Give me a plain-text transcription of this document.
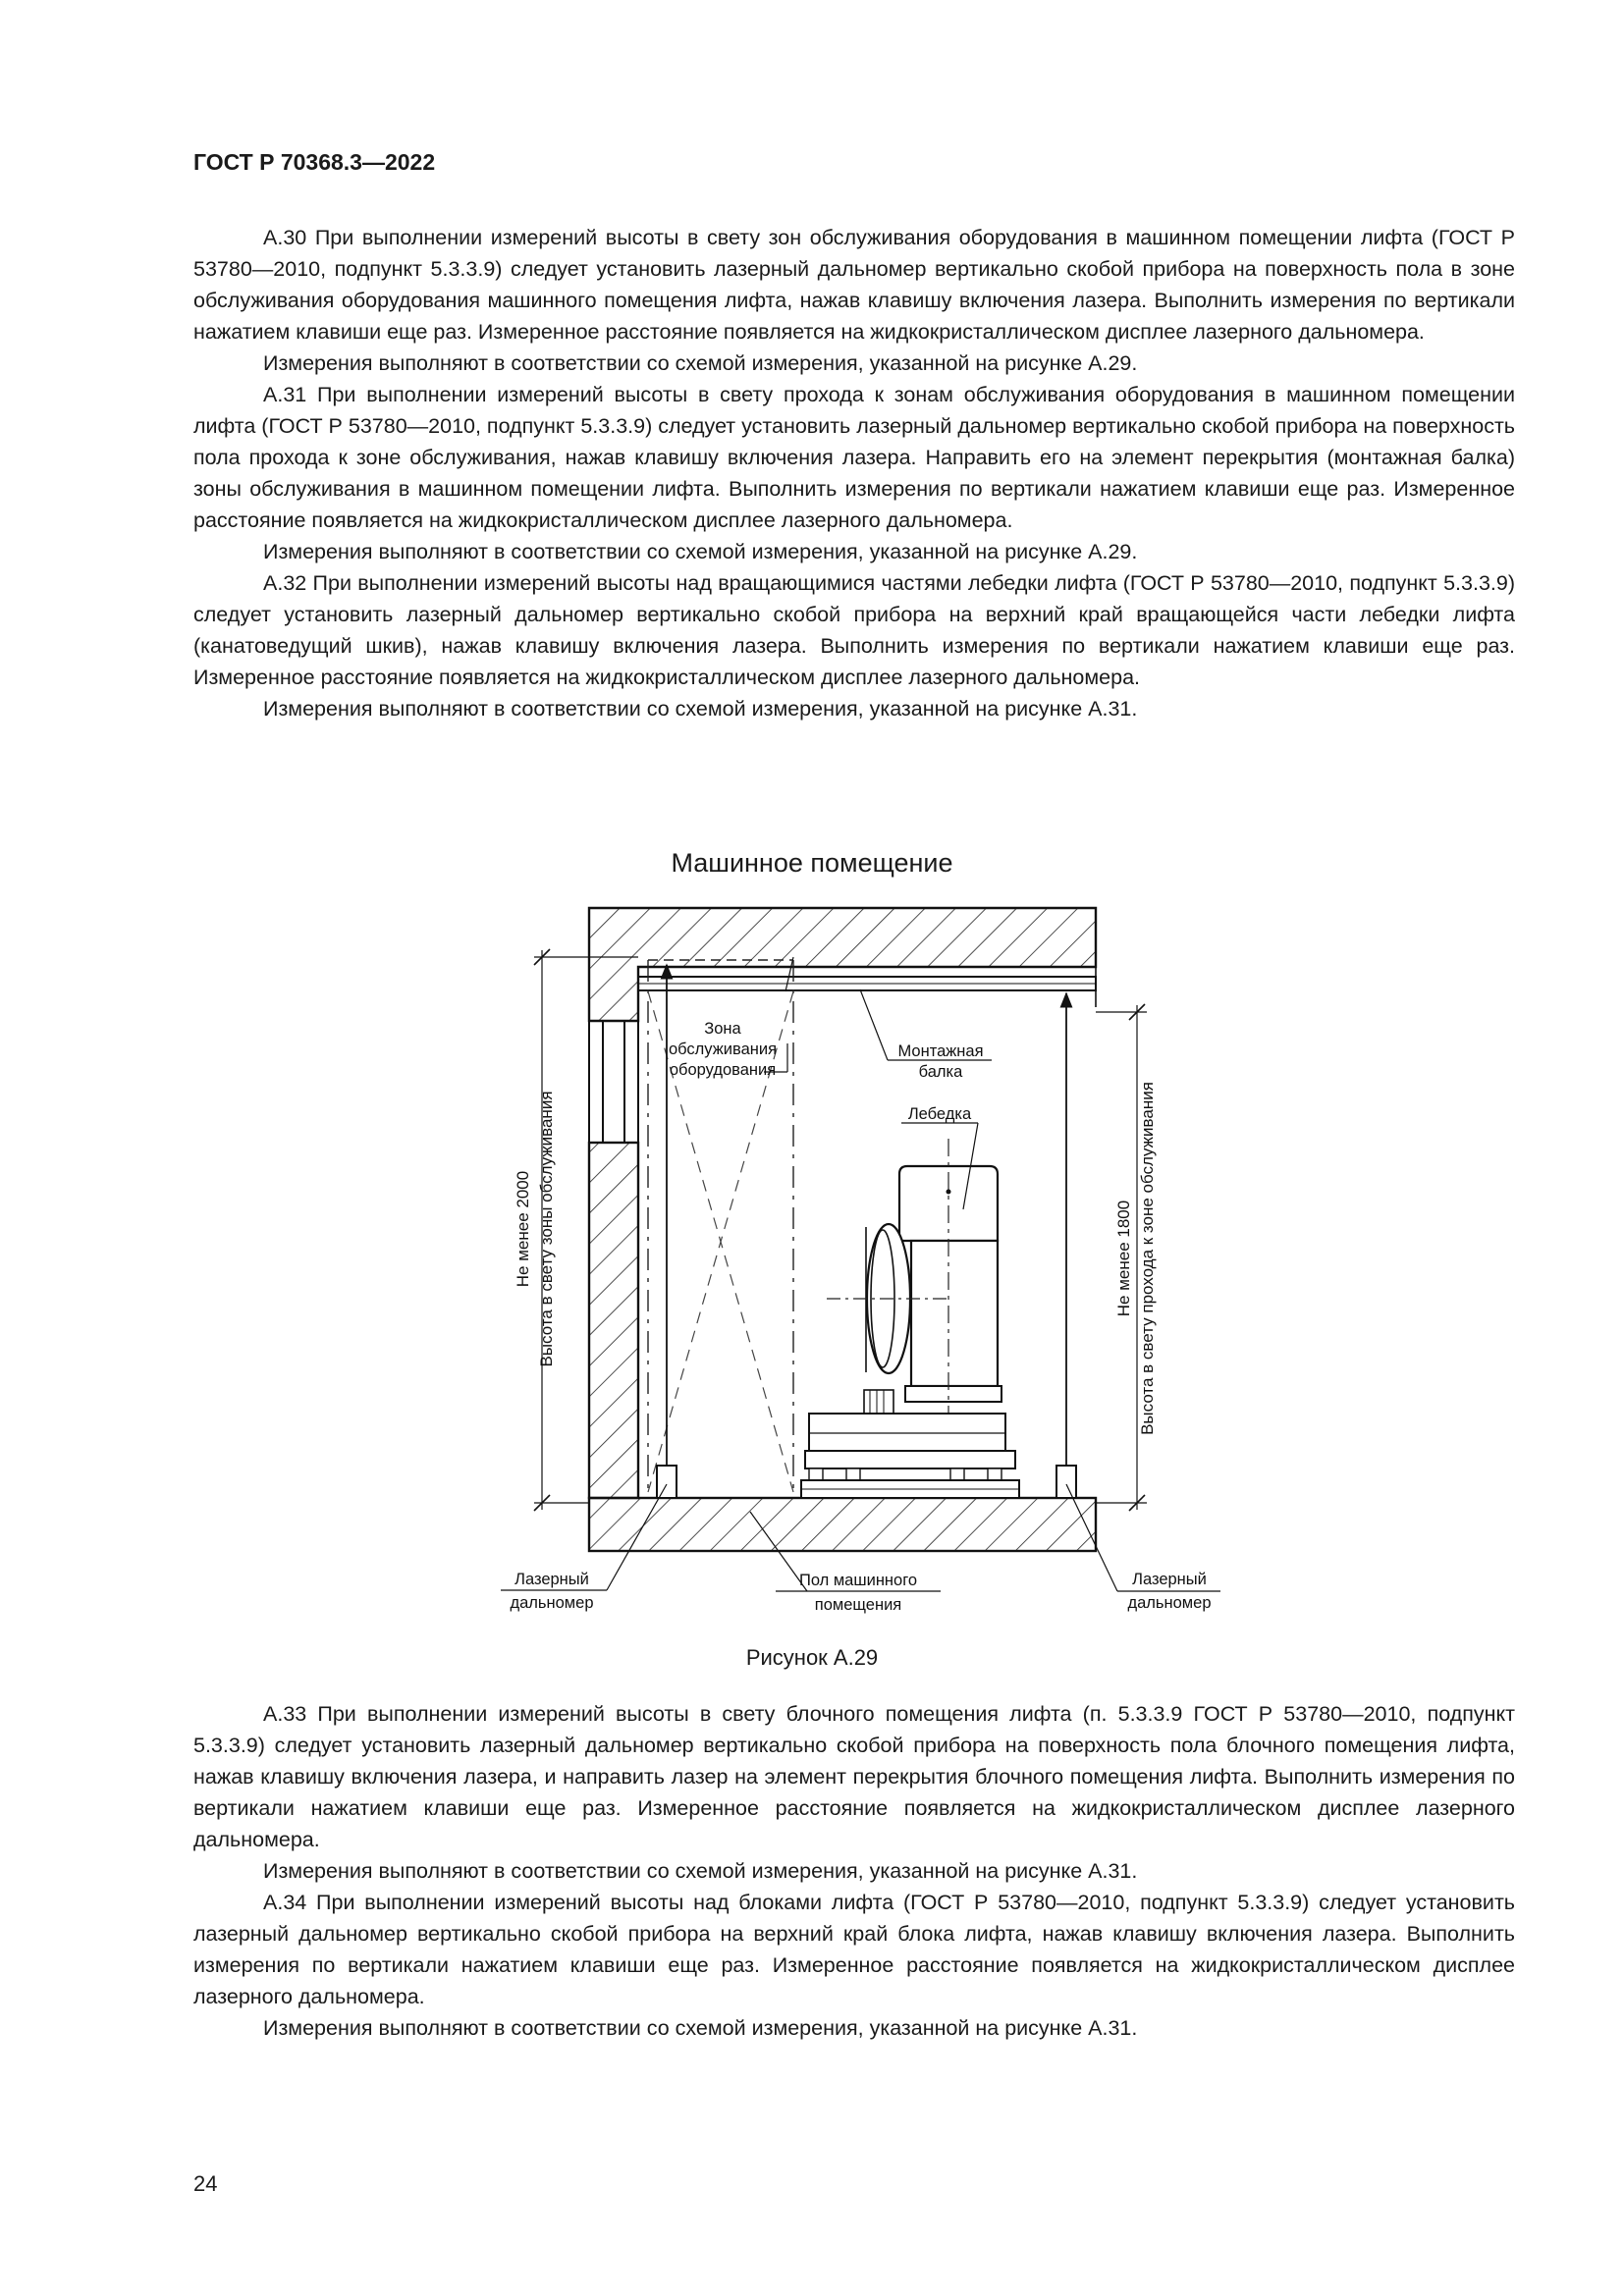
ГОСТ Р 70368.3—2022

А.30 При выполнении измерений высоты в свету зон обслуживания оборудования в машинном помещении лифта (ГОСТ Р 53780—2010, подпункт 5.3.3.9) следует установить лазерный дальномер вертикально скобой прибора на поверхность пола в зоне обслуживания оборудования машинного помещения лифта, нажав клавишу включения лазера. Выполнить измерения по вертикали нажатием клавиши еще раз. Измеренное расстояние появляется на жидкокристаллическом дисплее лазерного дальномера.

Измерения выполняют в соответствии со схемой измерения, указанной на рисунке А.29.

А.31 При выполнении измерений высоты в свету прохода к зонам обслуживания оборудования в машинном помещении лифта (ГОСТ Р 53780—2010, подпункт 5.3.3.9) следует установить лазерный дальномер вертикально скобой прибора на поверхность пола прохода к зоне обслуживания, нажав клавишу включения лазера. Направить его на элемент перекрытия (монтажная балка) зоны обслуживания в машинном помещении лифта. Выполнить измерения по вертикали нажатием клавиши еще раз. Измеренное расстояние появляется на жидкокристаллическом дисплее лазерного дальномера.

Измерения выполняют в соответствии со схемой измерения, указанной на рисунке А.29.

А.32 При выполнении измерений высоты над вращающимися частями лебедки лифта (ГОСТ Р 53780—2010, подпункт 5.3.3.9) следует установить лазерный дальномер вертикально скобой прибора на верхний край вращающейся части лебедки лифта (канатоведущий шкив), нажав клавишу включения лазера. Выполнить измерения по вертикали нажатием клавиши еще раз. Измеренное расстояние появляется на жидкокристаллическом дисплее лазерного дальномера.

Измерения выполняют в соответствии со схемой измерения, указанной на рисунке А.31.

Машинное помещение
Зона
обслуживания
оборудования
Монтажная
балка
Лебедка
Лазерный
дальномер
Пол машинного
помещения
Лазерный
дальномер
Не менее 2000 Высота в свету зоны обслуживания	Не менее 1800 Высота в свету прохода к зоне обслуживания
Рисунок А.29

А.33 При выполнении измерений высоты в свету блочного помещения лифта (п. 5.3.3.9 ГОСТ Р 53780—2010, подпункт 5.3.3.9) следует установить лазерный дальномер вертикально скобой прибора на поверхность пола блочного помещения лифта, нажав клавишу включения лазера, и направить лазер на элемент перекрытия блочного помещения лифта. Выполнить измерения по вертикали нажатием клавиши еще раз. Измеренное расстояние появляется на жидкокристаллическом дисплее лазерного дальномера.

Измерения выполняют в соответствии со схемой измерения, указанной на рисунке А.31.

А.34 При выполнении измерений высоты над блоками лифта (ГОСТ Р 53780—2010, подпункт 5.3.3.9) следует установить лазерный дальномер вертикально скобой прибора на верхний край блока лифта, нажав клавишу включения лазера. Выполнить измерения по вертикали нажатием клавиши еще раз. Измеренное расстояние появляется на жидкокристаллическом дисплее лазерного дальномера.

Измерения выполняют в соответствии со схемой измерения, указанной на рисунке А.31.

24
